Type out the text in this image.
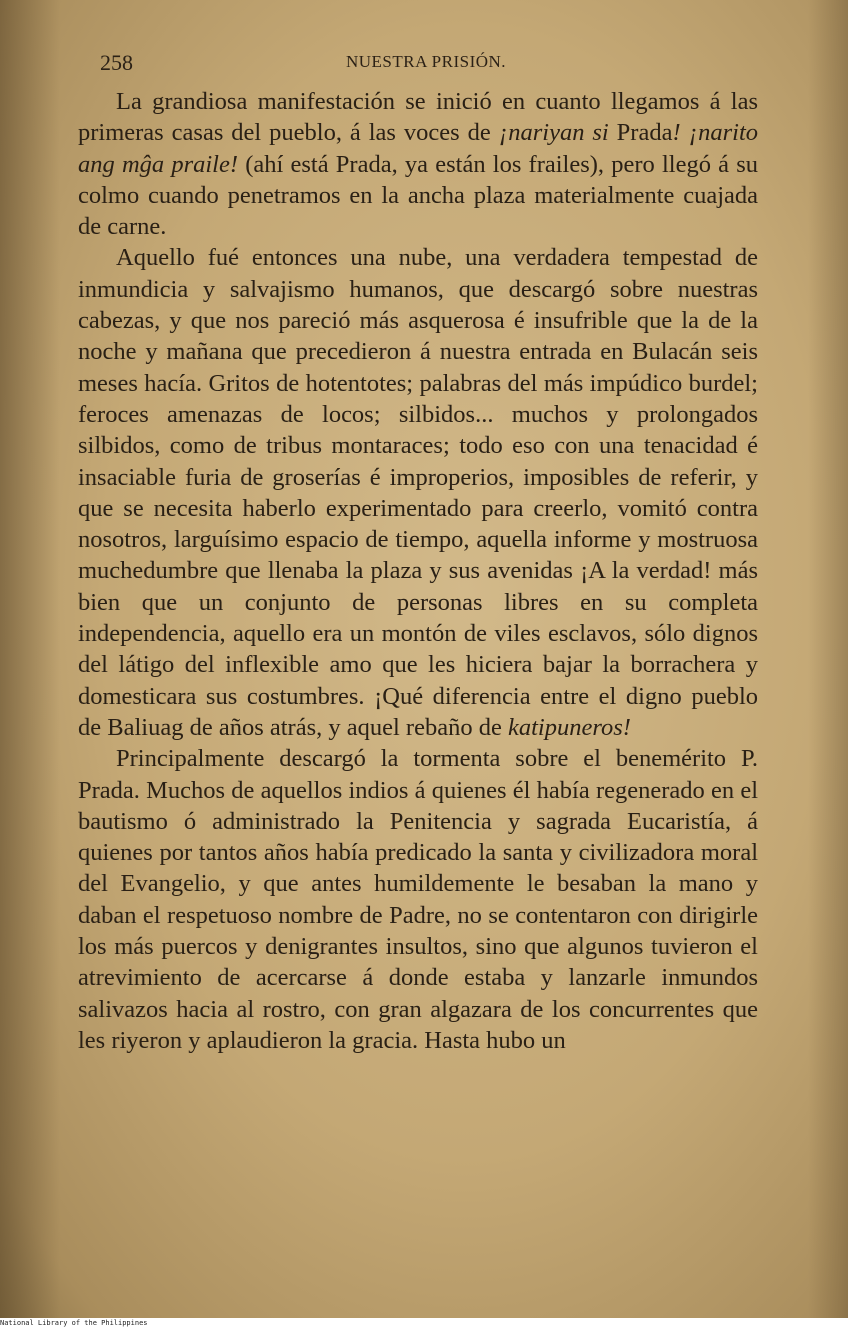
258	NUESTRA PRISIÓN.

La grandiosa manifestación se inició en cuanto llegamos á las primeras casas del pueblo, á las voces de ¡nariyan si Prada! ¡narito ang mĝa praile! (ahí está Prada, ya están los frailes), pero llegó á su colmo cuando penetramos en la ancha plaza materialmente cuajada de carne.

Aquello fué entonces una nube, una verdadera tempestad de inmundicia y salvajismo humanos, que descargó sobre nuestras cabezas, y que nos pareció más asquerosa é insufrible que la de la noche y mañana que precedieron á nuestra entrada en Bulacán seis meses hacía. Gritos de hotentotes; palabras del más impúdico burdel; feroces amenazas de locos; silbidos... muchos y prolongados silbidos, como de tribus montaraces; todo eso con una tenacidad é insaciable furia de groserías é improperios, imposibles de referir, y que se necesita haberlo experimentado para creerlo, vomitó contra nosotros, larguísimo espacio de tiempo, aquella informe y mostruosa muchedumbre que llenaba la plaza y sus avenidas ¡A la verdad! más bien que un conjunto de personas libres en su completa independencia, aquello era un montón de viles esclavos, sólo dignos del látigo del inflexible amo que les hiciera bajar la borrachera y domesticara sus costumbres. ¡Qué diferencia entre el digno pueblo de Baliuag de años atrás, y aquel rebaño de katipuneros!

Principalmente descargó la tormenta sobre el benemérito P. Prada. Muchos de aquellos indios á quienes él había regenerado en el bautismo ó administrado la Penitencia y sagrada Eucaristía, á quienes por tantos años había predicado la santa y civilizadora moral del Evangelio, y que antes humildemente le besaban la mano y daban el respetuoso nombre de Padre, no se contentaron con dirigirle los más puercos y denigrantes insultos, sino que algunos tuvieron el atrevimiento de acercarse á donde estaba y lanzarle inmundos salivazos hacia al rostro, con gran algazara de los concurrentes que les riyeron y aplaudieron la gracia. Hasta hubo un

National Library of the Philippines
